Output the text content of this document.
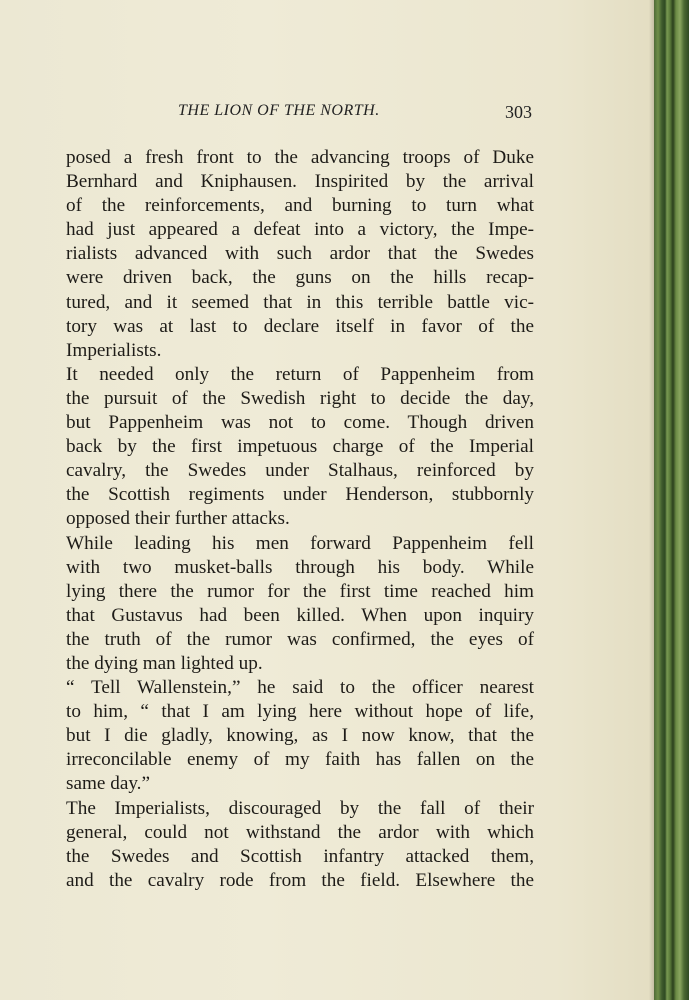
THE LION OF THE NORTH.	303
posed a fresh front to the advancing troops of Duke
Bernhard and Kniphausen. Inspirited by the arrival
of the reinforcements, and burning to turn what
had just appeared a defeat into a victory, the Impe-
rialists advanced with such ardor that the Swedes
were driven back, the guns on the hills recap-
tured, and it seemed that in this terrible battle vic-
tory was at last to declare itself in favor of the
Imperialists.
It needed only the return of Pappenheim from
the pursuit of the Swedish right to decide the day,
but Pappenheim was not to come. Though driven
back by the first impetuous charge of the Imperial
cavalry, the Swedes under Stalhaus, reinforced by
the Scottish regiments under Henderson, stubbornly
opposed their further attacks.
While leading his men forward Pappenheim fell
with two musket-balls through his body. While
lying there the rumor for the first time reached him
that Gustavus had been killed. When upon inquiry
the truth of the rumor was confirmed, the eyes of
the dying man lighted up.
“ Tell Wallenstein,” he said to the officer nearest
to him, “ that I am lying here without hope of life,
but I die gladly, knowing, as I now know, that the
irreconcilable enemy of my faith has fallen on the
same day.”
The Imperialists, discouraged by the fall of their
general, could not withstand the ardor with which
the Swedes and Scottish infantry attacked them,
and the cavalry rode from the field. Elsewhere the
